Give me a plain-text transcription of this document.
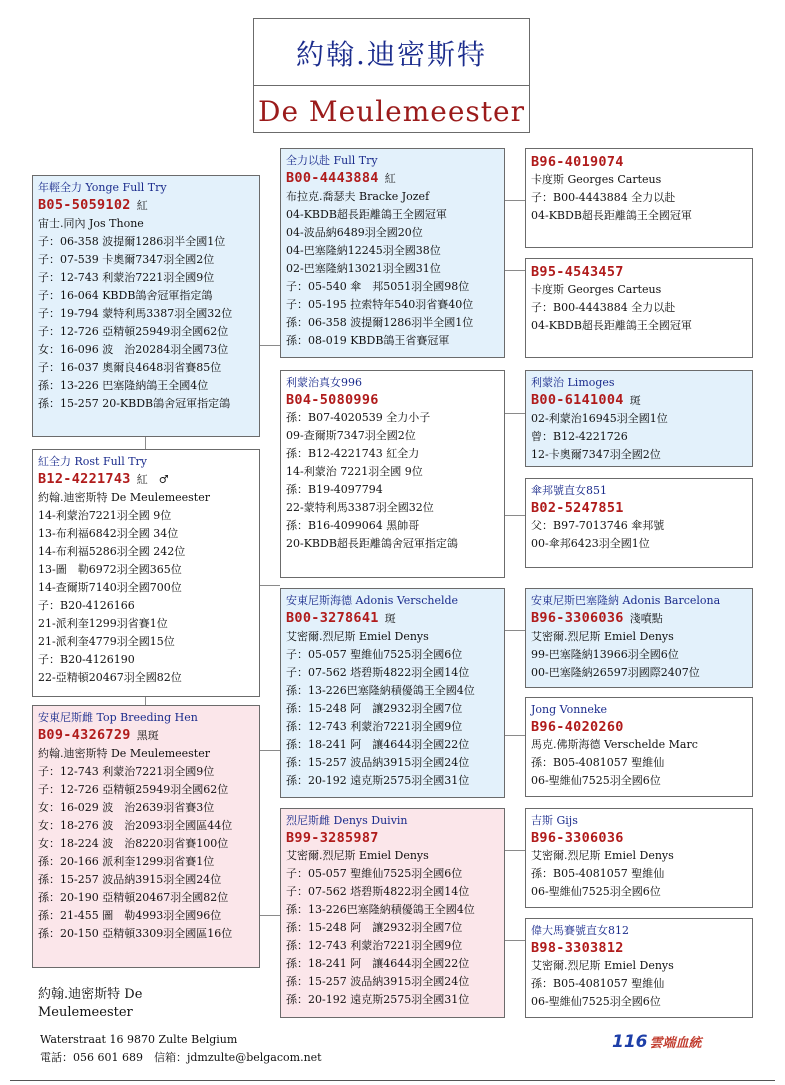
約翰.迪密斯特
De Meulemeester
年輕全力 Yonge Full Try
B05-5059102 紅
宙士.同內 Jos Thone
子：06-358 波提爾1286羽半全國1位
子：07-539 卡奧爾7347羽全國2位
子：12-743 利蒙治7221羽全國9位
子：16-064 KBDB鴿舍冠軍指定鴿
子：19-794 蒙特利馬3387羽全國32位
子：12-726 亞精頓25949羽全國62位
女：16-096 波　治20284羽全國73位
子：16-037 奧爾良4648羽省賽85位
孫：13-226 巴塞隆納鴿王全國4位
孫：15-257 20-KBDB鴿舍冠軍指定鴿
紅全力 Rost Full Try
B12-4221743 紅　♂
約翰.迪密斯特 De Meulemeester
14-利蒙治7221羽全國 9位
13-布利福6842羽全國 34位
14-布利福5286羽全國 242位
13-圖　勒6972羽全國365位
14-查爾斯7140羽全國700位
子：B20-4126166
21-派利奎1299羽省賽1位
21-派利奎4779羽全國15位
子：B20-4126190
22-亞精頓20467羽全國82位
安東尼斯雌 Top Breeding Hen
B09-4326729 黑斑
約翰.迪密斯特 De Meulemeester
子：12-743 利蒙治7221羽全國9位
子：12-726 亞精頓25949羽全國62位
女：16-029 波　治2639羽省賽3位
女：18-276 波　治2093羽全國區44位
女：18-224 波　治8220羽省賽100位
孫：20-166 派利奎1299羽省賽1位
孫：15-257 波品納3915羽全國24位
孫：20-190 亞精頓20467羽全國82位
孫：21-455 圖　勒4993羽全國96位
孫：20-150 亞精頓3309羽全國區16位
全力以赴 Full Try
B00-4443884 紅
布拉克.喬瑟夫 Bracke Jozef
04-KBDB超長距離鴿王全國冠軍
04-波品納6489羽全國20位
04-巴塞隆納12245羽全國38位
02-巴塞隆納13021羽全國31位
子：05-540 傘　邦5051羽全國98位
子：05-195 拉索特年540羽省賽40位
孫：06-358 波提爾1286羽半全國1位
孫：08-019 KBDB鴿王省賽冠軍
利蒙治真女996
B04-5080996
孫：B07-4020539 全力小子
09-查爾斯7347羽全國2位
孫：B12-4221743 紅全力
14-利蒙治 7221羽全國 9位
孫：B19-4097794
22-蒙特利馬3387羽全國32位
孫：B16-4099064 黑帥哥
20-KBDB超長距離鴿舍冠軍指定鴿
安東尼斯海德 Adonis Verschelde
B00-3278641 斑
艾密爾.烈尼斯 Emiel Denys
子：05-057 聖維仙7525羽全國6位
子：07-562 塔碧斯4822羽全國14位
孫：13-226巴塞隆納積優鴿王全國4位
孫：15-248 阿　讓2932羽全國7位
孫：12-743 利蒙治7221羽全國9位
孫：18-241 阿　讓4644羽全國22位
孫：15-257 波品納3915羽全國24位
孫：20-192 遠克斯2575羽全國31位
烈尼斯雌 Denys Duivin
B99-3285987
艾密爾.烈尼斯 Emiel Denys
子：05-057 聖維仙7525羽全國6位
子：07-562 塔碧斯4822羽全國14位
孫：13-226巴塞隆納積優鴿王全國4位
孫：15-248 阿　讓2932羽全國7位
孫：12-743 利蒙治7221羽全國9位
孫：18-241 阿　讓4644羽全國22位
孫：15-257 波品納3915羽全國24位
孫：20-192 遠克斯2575羽全國31位
B96-4019074
卡度斯 Georges Carteus
子：B00-4443884 全力以赴
04-KBDB超長距離鴿王全國冠軍
B95-4543457
卡度斯 Georges Carteus
子：B00-4443884 全力以赴
04-KBDB超長距離鴿王全國冠軍
利蒙治 Limoges
B00-6141004 斑
02-利蒙治16945羽全國1位
曾：B12-4221726
12-卡奧爾7347羽全國2位
傘邦號直女851
B02-5247851
父：B97-7013746 傘邦號
00-傘邦6423羽全國1位
安東尼斯巴塞隆納 Adonis Barcelona
B96-3306036 淺噴點
艾密爾.烈尼斯 Emiel Denys
99-巴塞隆納13966羽全國6位
00-巴塞隆納26597羽國際2407位
Jong Vonneke
B96-4020260
馬克.佛斯海德 Verschelde Marc
孫：B05-4081057 聖維仙
06-聖維仙7525羽全國6位
吉斯 Gijs
B96-3306036
艾密爾.烈尼斯 Emiel Denys
孫：B05-4081057 聖維仙
06-聖維仙7525羽全國6位
偉大馬賽號直女812
B98-3303812
艾密爾.烈尼斯 Emiel Denys
孫：B05-4081057 聖維仙
06-聖維仙7525羽全國6位
約翰.迪密斯特 De Meulemeester
Waterstraat 16 9870 Zulte Belgium
電話：056 601 689　信箱：jdmzulte@belgacom.net
116 雲端血統
